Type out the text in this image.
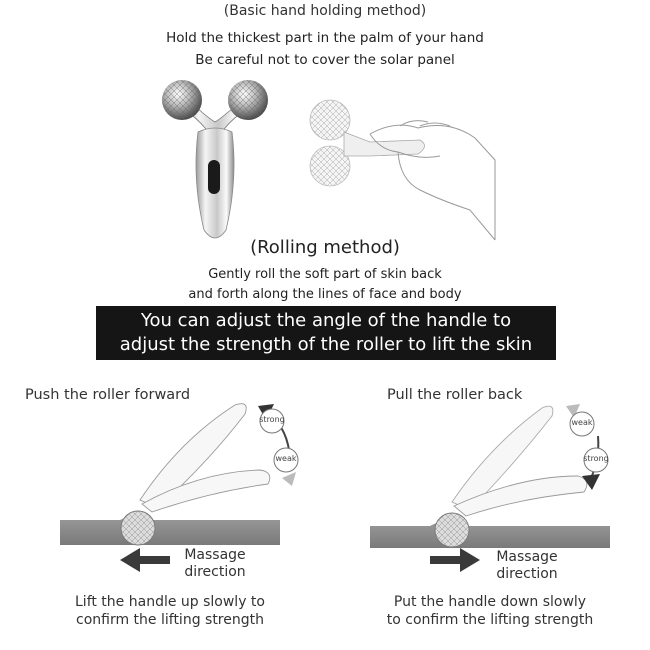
(Basic hand holding method)
Hold the thickest part in the palm of your hand
Be careful not to cover the solar panel
(Rolling method)
Gently roll the soft part of skin back
and forth along the lines of face and body
You can adjust the angle of the handle to
adjust the strength of the roller to lift the skin
Push the roller forward
strong
weak
Massage
direction
Lift the handle up slowly to
confirm the lifting strength
Pull the roller back
weak
strong
Massage
direction
Put the handle down slowly
to confirm the lifting strength
